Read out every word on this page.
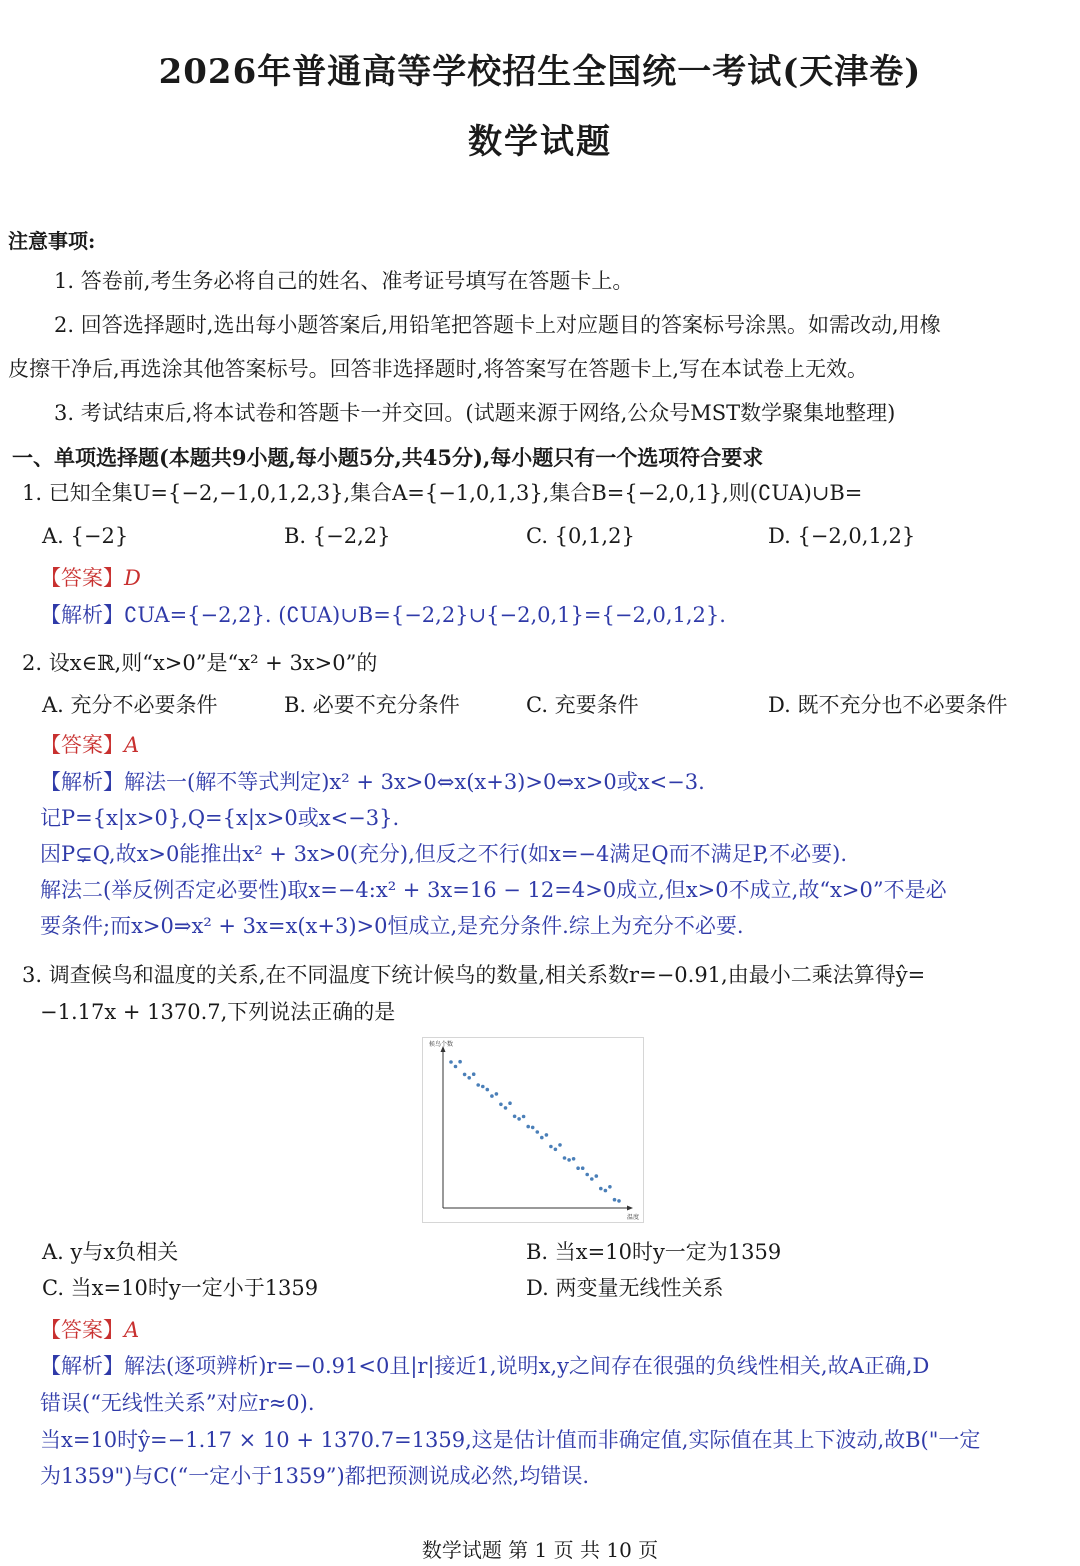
2026年普通高等学校招生全国统一考试(天津卷)
数学试题
注意事项:
1. 答卷前,考生务必将自己的姓名、准考证号填写在答题卡上。
2. 回答选择题时,选出每小题答案后,用铅笔把答题卡上对应题目的答案标号涂黑。如需改动,用橡
皮擦干净后,再选涂其他答案标号。回答非选择题时,将答案写在答题卡上,写在本试卷上无效。
3. 考试结束后,将本试卷和答题卡一并交回。(试题来源于网络,公众号MST数学聚集地整理)
一、单项选择题(本题共9小题,每小题5分,共45分),每小题只有一个选项符合要求
1. 已知全集U={−2,−1,0,1,2,3},集合A={−1,0,1,3},集合B={−2,0,1},则(∁UA)∪B=
A. {−2}	B. {−2,2}	C. {0,1,2}	D. {−2,0,1,2}
【答案】D
【解析】∁UA={−2,2}. (∁UA)∪B={−2,2}∪{−2,0,1}={−2,0,1,2}.
2. 设x∈ℝ,则“x>0”是“x² + 3x>0”的
A. 充分不必要条件	B. 必要不充分条件	C. 充要条件	D. 既不充分也不必要条件
【答案】A
【解析】解法一(解不等式判定)x² + 3x>0⇔x(x+3)>0⇔x>0或x<−3.
记P={x|x>0},Q={x|x>0或x<−3}.
因P⊊Q,故x>0能推出x² + 3x>0(充分),但反之不行(如x=−4满足Q而不满足P,不必要).
解法二(举反例否定必要性)取x=−4:x² + 3x=16 − 12=4>0成立,但x>0不成立,故“x>0”不是必
要条件;而x>0⇒x² + 3x=x(x+3)>0恒成立,是充分条件.综上为充分不必要.
3. 调查候鸟和温度的关系,在不同温度下统计候鸟的数量,相关系数r=−0.91,由最小二乘法算得ŷ=
−1.17x + 1370.7,下列说法正确的是
候鸟个数
温度
A. y与x负相关	B. 当x=10时y一定为1359
C. 当x=10时y一定小于1359	D. 两变量无线性关系
【答案】A
【解析】解法(逐项辨析)r=−0.91<0且|r|接近1,说明x,y之间存在很强的负线性相关,故A正确,D
错误(“无线性关系”对应r≈0).
当x=10时ŷ=−1.17 × 10 + 1370.7=1359,这是估计值而非确定值,实际值在其上下波动,故B("一定
为1359")与C(“一定小于1359”)都把预测说成必然,均错误.
数学试题 第 1 页 共 10 页
